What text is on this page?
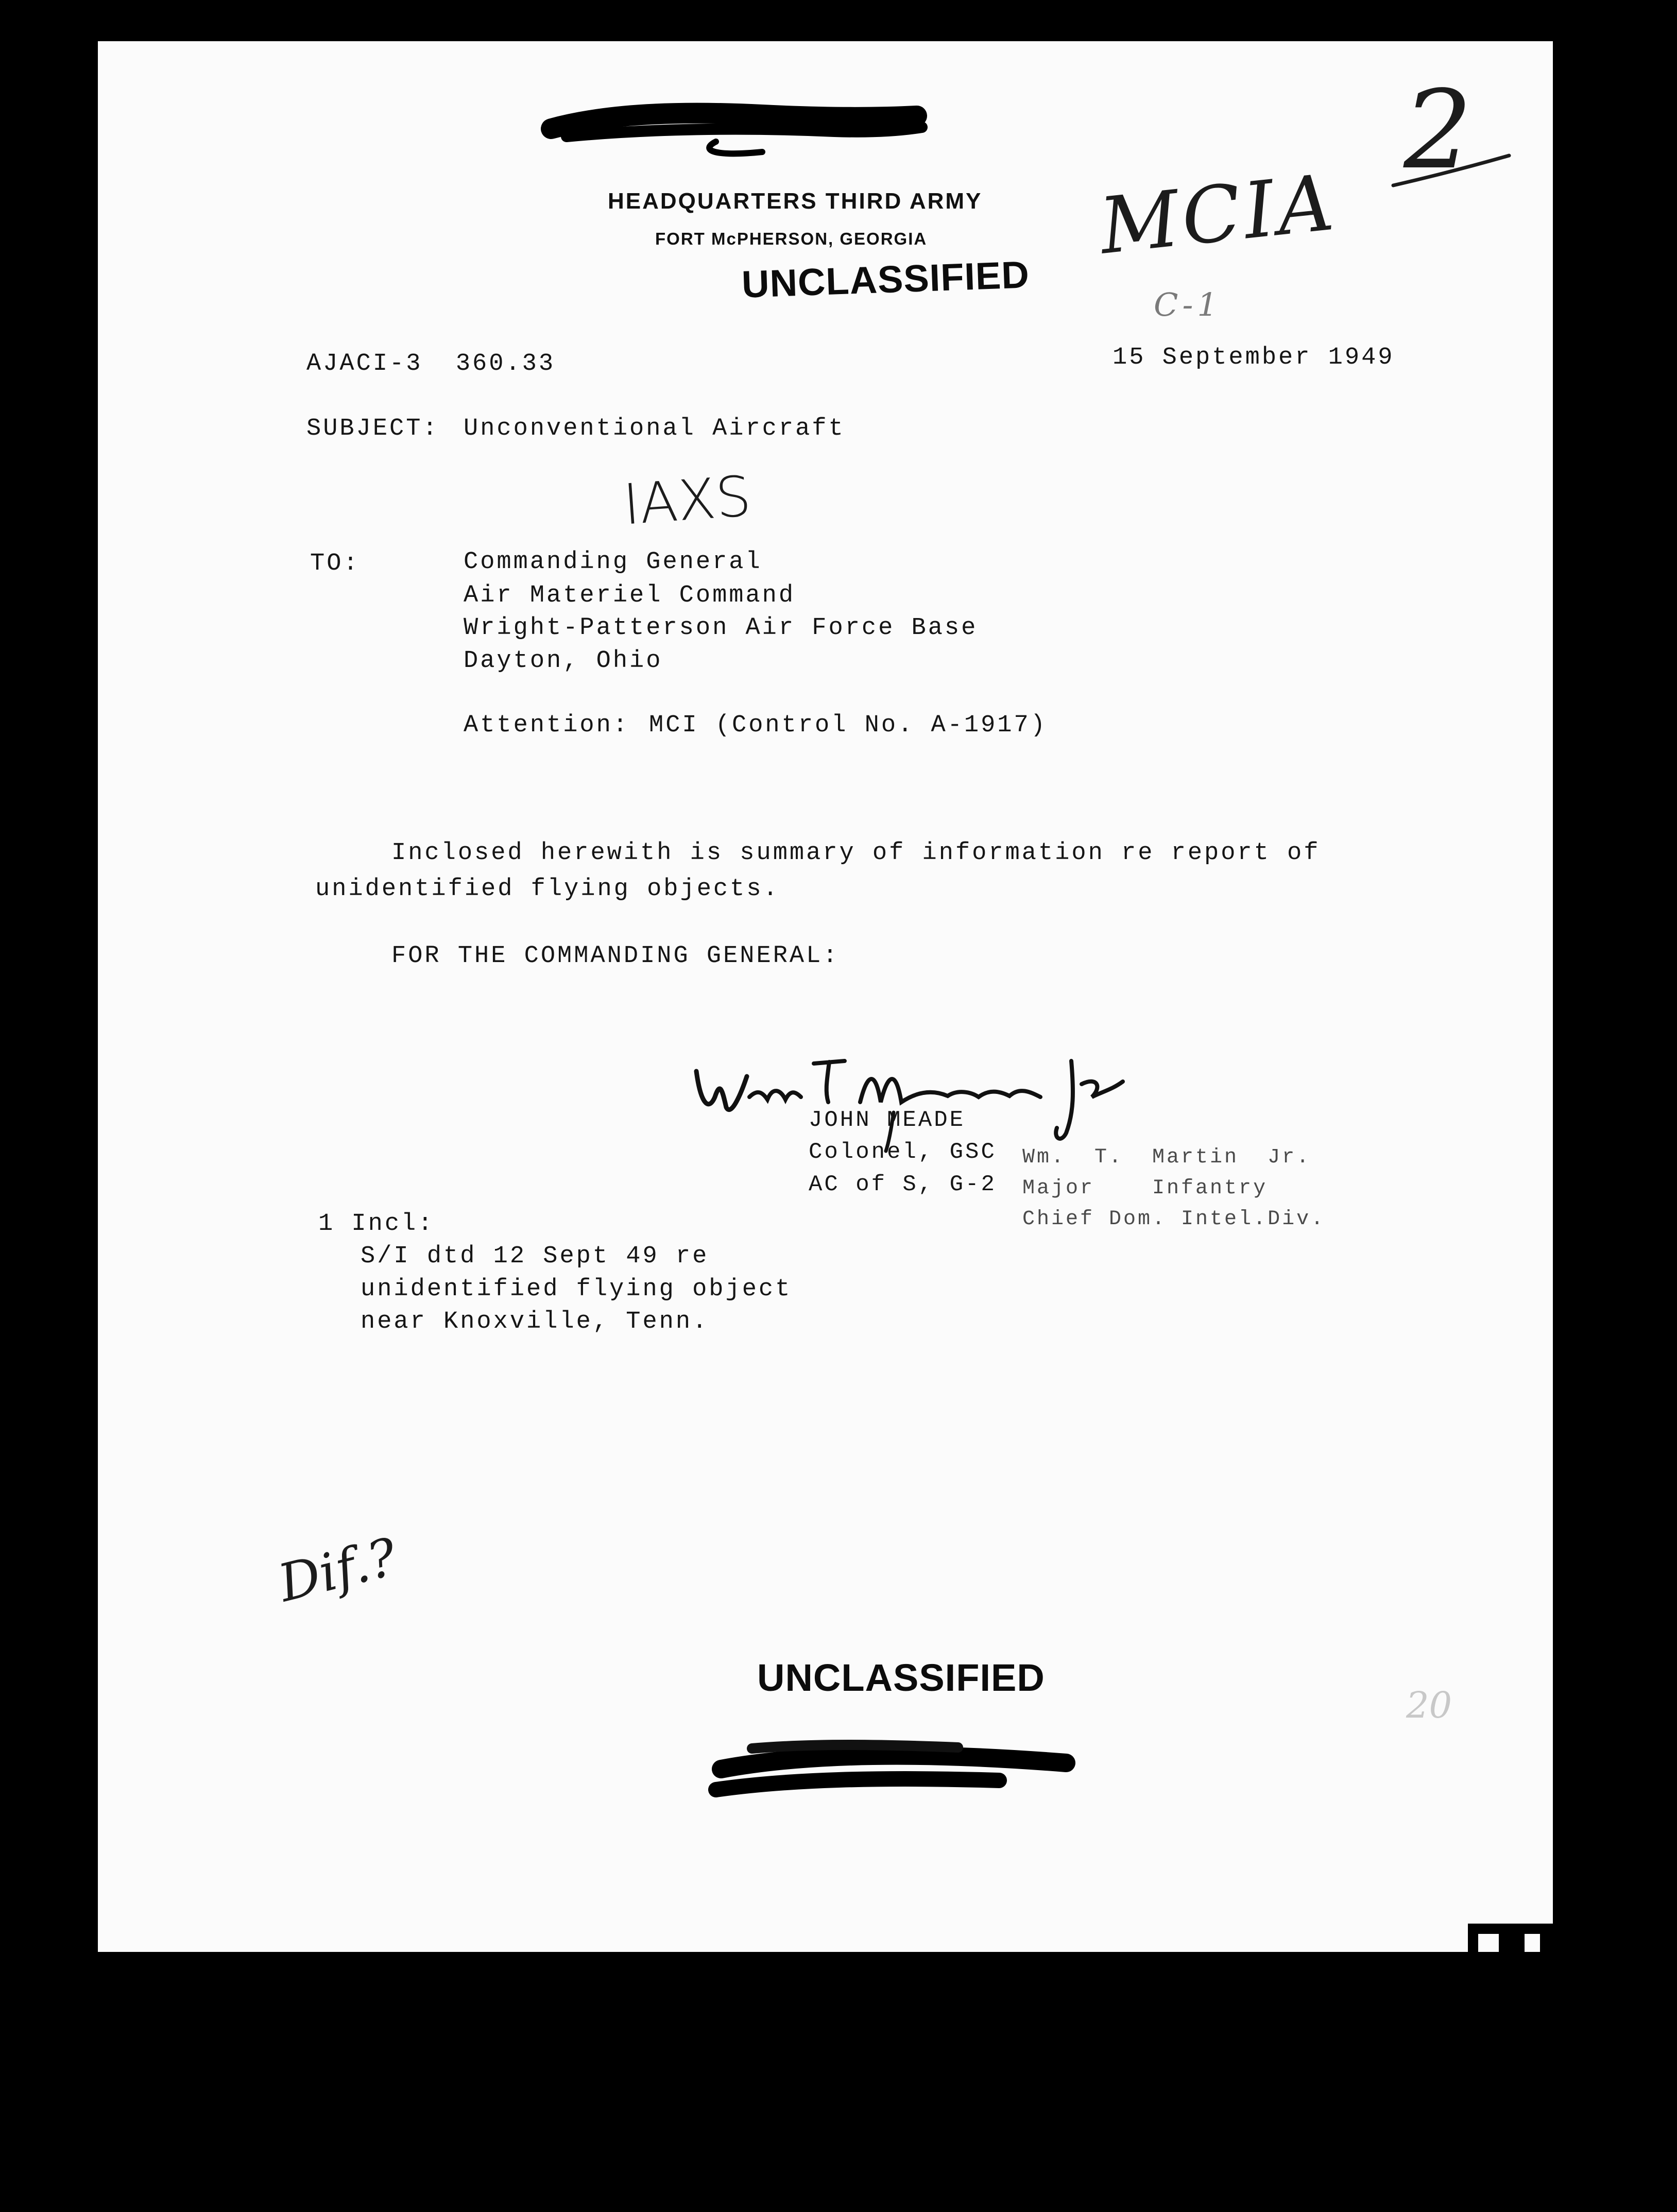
HEADQUARTERS THIRD ARMY
FORT McPHERSON, GEORGIA
UNCLASSIFIED
MCIA
2
C-1
AJACI-3  360.33	15 September 1949
SUBJECT: Unconventional Aircraft
IAXS
TO:	Commanding General
Air Materiel Command
Wright-Patterson Air Force Base
Dayton, Ohio
Attention: MCI (Control No. A-1917)
Inclosed herewith is summary of information re report of
unidentified flying objects.
FOR THE COMMANDING GENERAL:
JOHN MEADE
Colonel, GSC
AC of S, G-2
Wm.  T.  Martin  Jr.
Major    Infantry
Chief Dom. Intel.Div.
1 Incl:
S/I dtd 12 Sept 49 re
unidentified flying object
near Knoxville, Tenn.
Dif.?
UNCLASSIFIED
20
